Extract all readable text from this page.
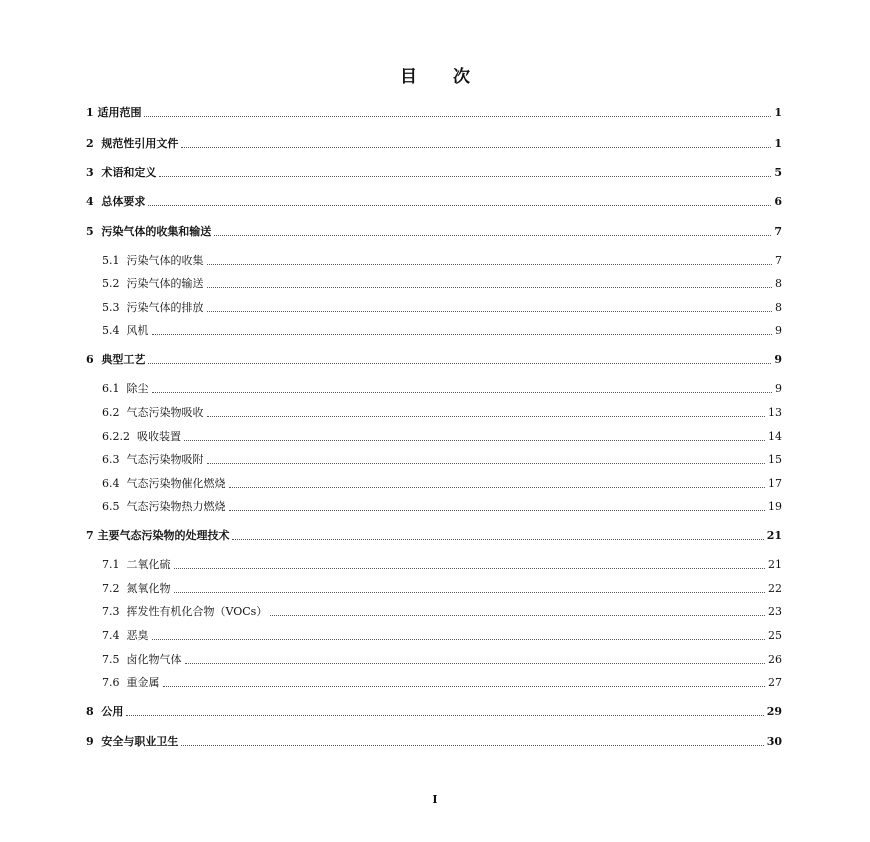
目 次
1 适用范围	1
2  规范性引用文件	1
3  术语和定义	5
4  总体要求	6
5  污染气体的收集和输送	7
5.1  污染气体的收集	7
5.2  污染气体的输送	8
5.3  污染气体的排放	8
5.4  风机	9
6  典型工艺	9
6.1  除尘	9
6.2  气态污染物吸收	13
6.2.2  吸收装置	14
6.3  气态污染物吸附	15
6.4  气态污染物催化燃烧	17
6.5  气态污染物热力燃烧	19
7 主要气态污染物的处理技术	21
7.1  二氧化硫	21
7.2  氮氧化物	22
7.3  挥发性有机化合物（VOCs）	23
7.4  恶臭	25
7.5  卤化物气体	26
7.6  重金属	27
8  公用	29
9  安全与职业卫生	30
I
